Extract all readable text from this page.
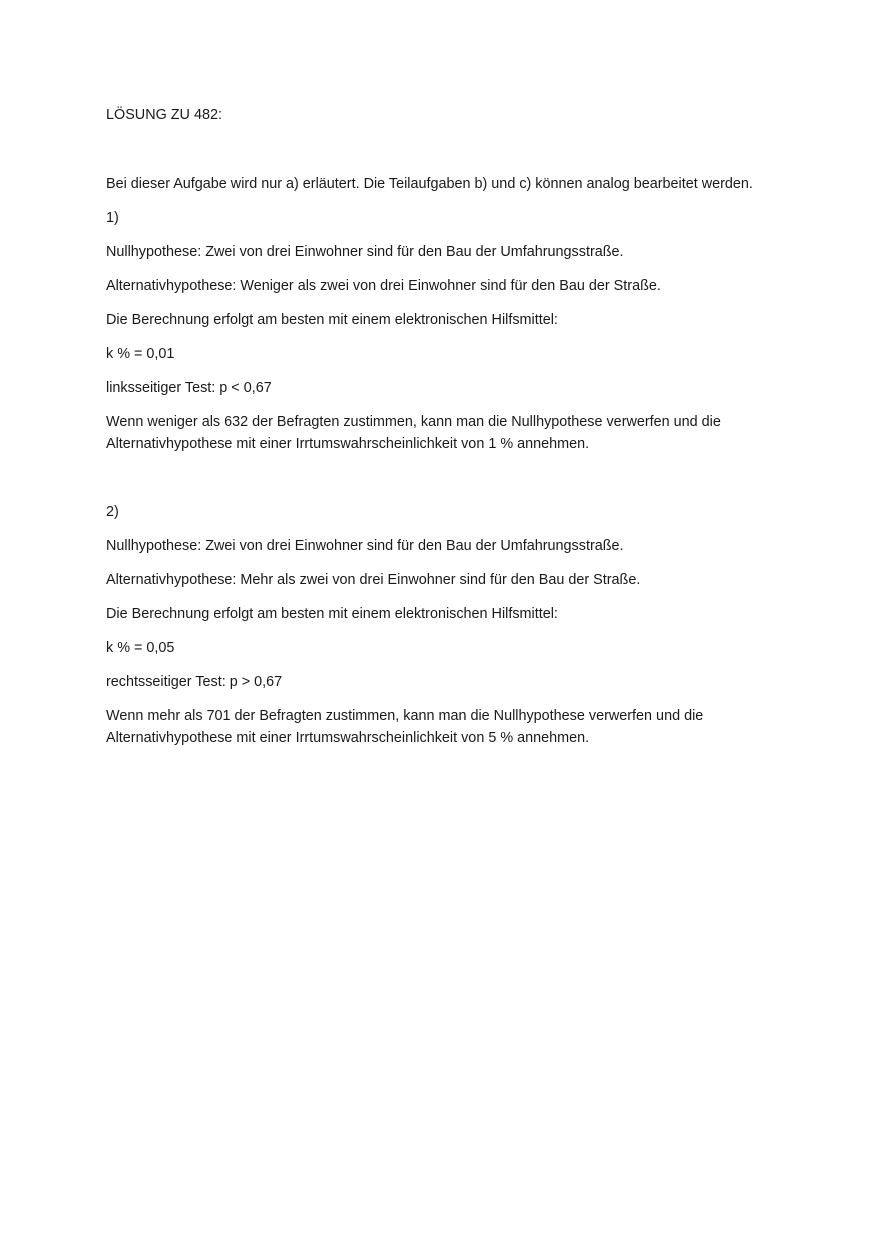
LÖSUNG ZU 482:

Bei dieser Aufgabe wird nur a) erläutert. Die Teilaufgaben b) und c) können analog bearbeitet werden.

1)

Nullhypothese: Zwei von drei Einwohner sind für den Bau der Umfahrungsstraße.

Alternativhypothese: Weniger als zwei von drei Einwohner sind für den Bau der Straße.

Die Berechnung erfolgt am besten mit einem elektronischen Hilfsmittel:

k % = 0,01

linksseitiger Test: p < 0,67

Wenn weniger als 632 der Befragten zustimmen, kann man die Nullhypothese verwerfen und die Alternativhypothese mit einer Irrtumswahrscheinlichkeit von 1 % annehmen.

2)

Nullhypothese: Zwei von drei Einwohner sind für den Bau der Umfahrungsstraße.

Alternativhypothese: Mehr als zwei von drei Einwohner sind für den Bau der Straße.

Die Berechnung erfolgt am besten mit einem elektronischen Hilfsmittel:

k % = 0,05

rechtsseitiger Test: p > 0,67

Wenn mehr als 701 der Befragten zustimmen, kann man die Nullhypothese verwerfen und die Alternativhypothese mit einer Irrtumswahrscheinlichkeit von 5 % annehmen.
